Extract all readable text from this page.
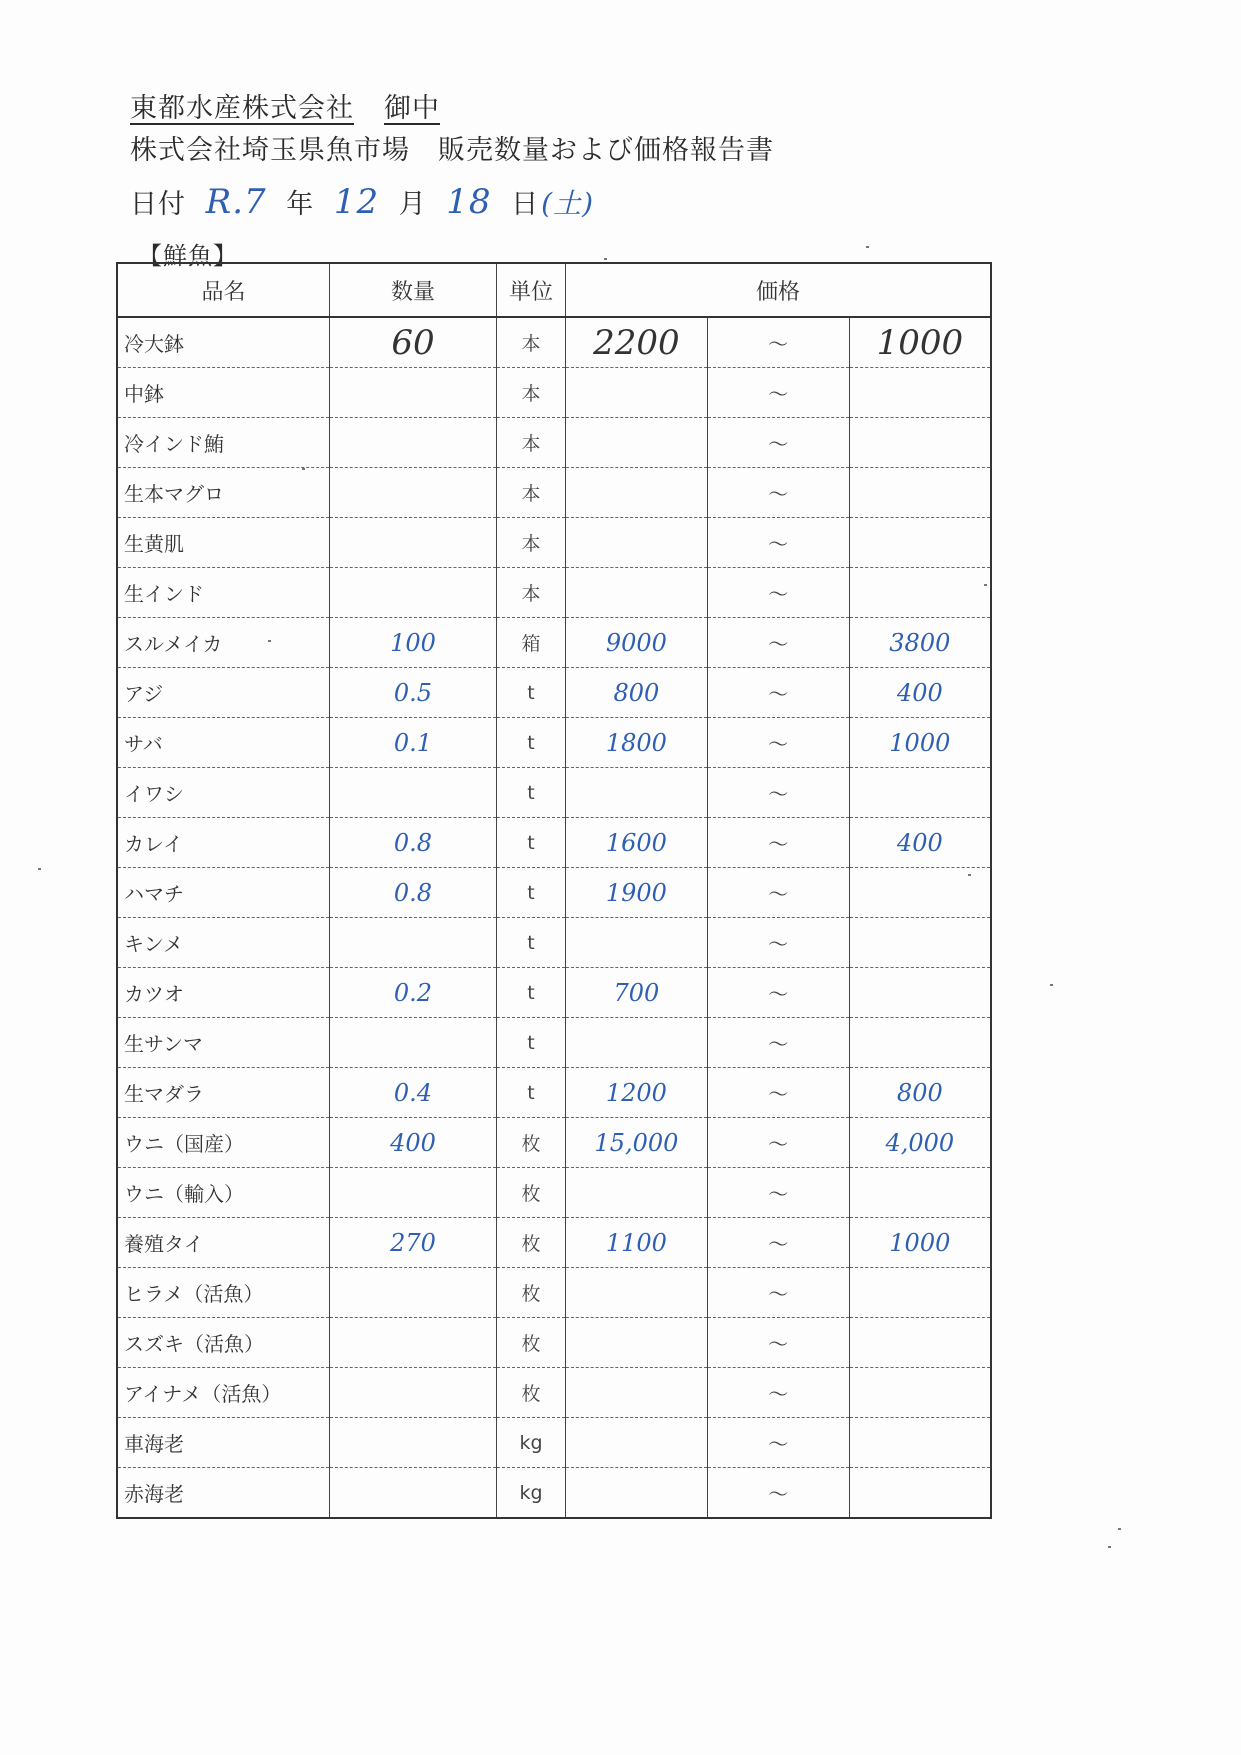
東都水産株式会社 御中
株式会社埼玉県魚市場 販売数量および価格報告書
日付 R.7 年 12 月 18 日(土)
【鮮魚】
品名	数量	単位	価格		
冷大鉢	60	本	2200	～	1000
中鉢		本		～	
冷インド鮪		本		～	
生本マグロ		本		～	
生黄肌		本		～	
生インド		本		～	
スルメイカ	100	箱	9000	～	3800
アジ	0.5	t	800	～	400
サバ	0.1	t	1800	～	1000
イワシ		t		～	
カレイ	0.8	t	1600	～	400
ハマチ	0.8	t	1900	～	
キンメ		t		～	
カツオ	0.2	t	700	～	
生サンマ		t		～	
生マダラ	0.4	t	1200	～	800
ウニ（国産）	400	枚	15,000	～	4,000
ウニ（輸入）		枚		～	
養殖タイ	270	枚	1100	～	1000
ヒラメ（活魚）		枚		～	
スズキ（活魚）		枚		～	
アイナメ（活魚）		枚		～	
車海老		kg		～	
赤海老		kg		～	
